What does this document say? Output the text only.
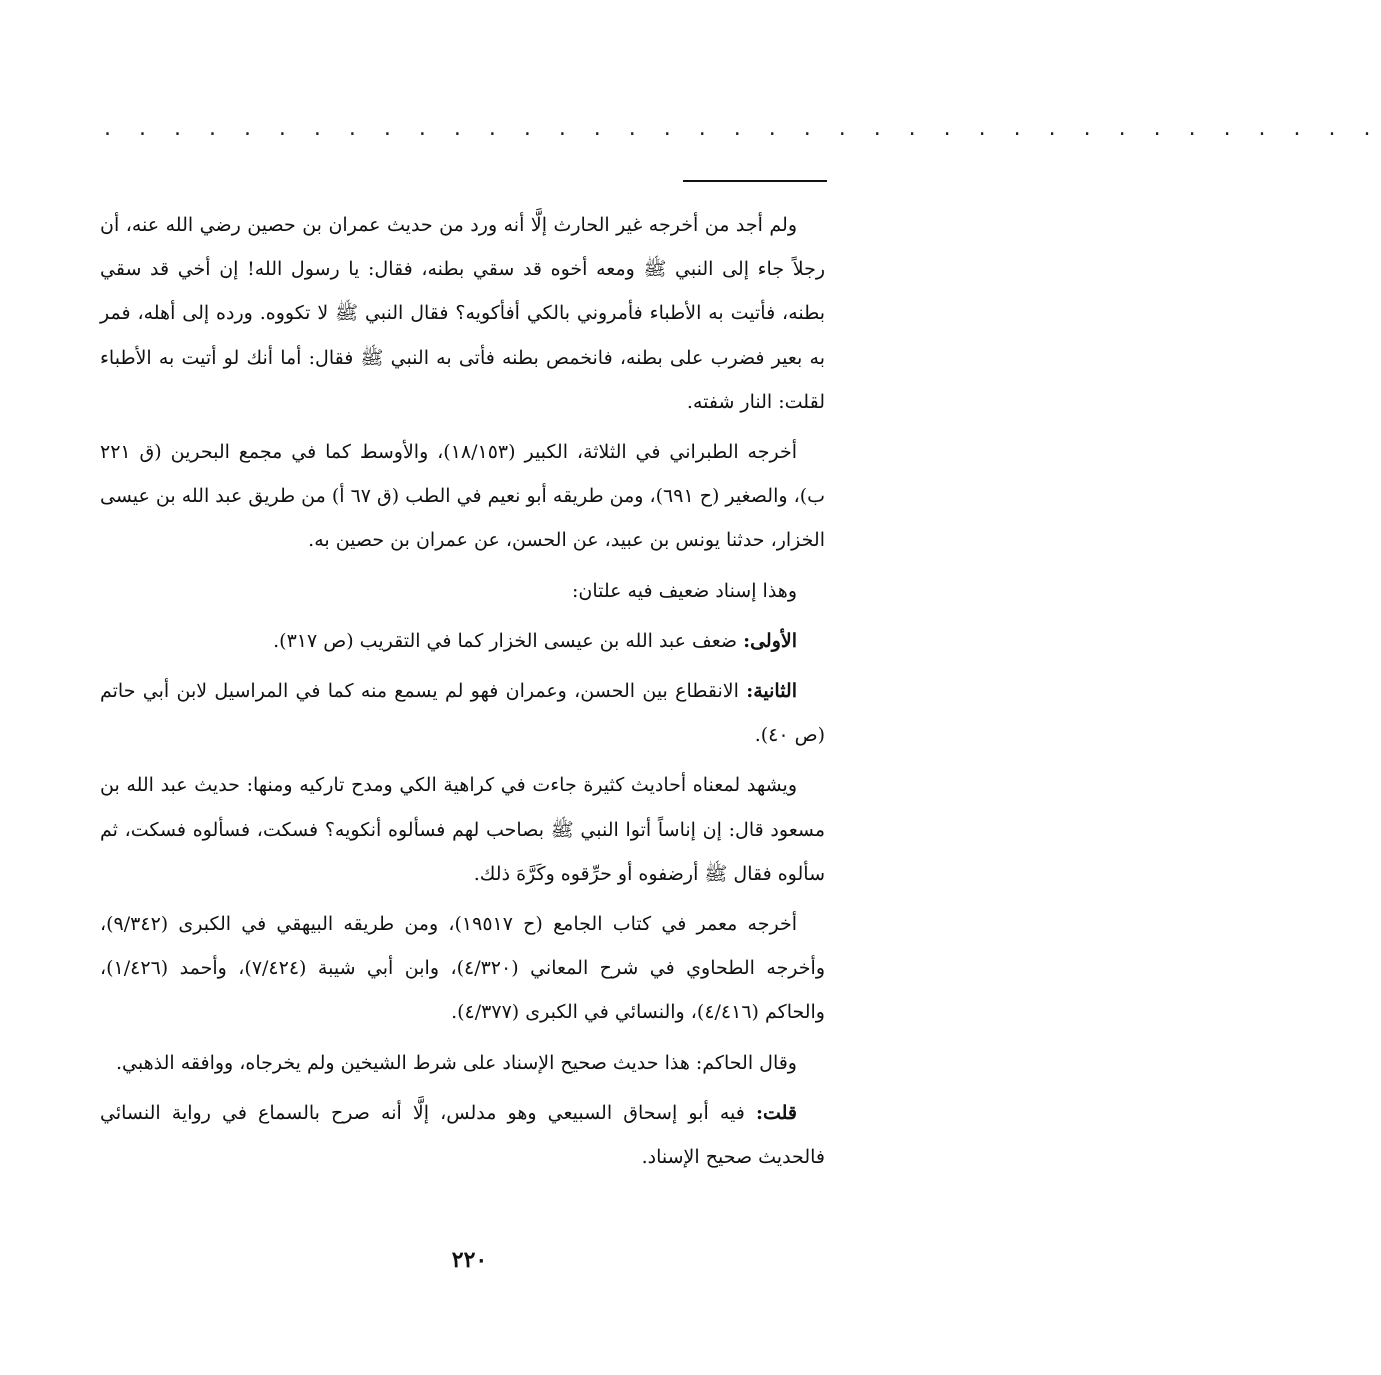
. . . . . . . . . . . . . . . . . . . . . . . . . . . . . . . . . . . . .

ولم أجد من أخرجه غير الحارث إلَّا أنه ورد من حديث عمران بن حصين رضي الله عنه، أن رجلاً جاء إلى النبي ﷺ ومعه أخوه قد سقي بطنه، فقال: يا رسول الله! إن أخي قد سقي بطنه، فأتيت به الأطباء فأمروني بالكي أفأكويه؟ فقال النبي ﷺ لا تكووه. ورده إلى أهله، فمر به بعير فضرب على بطنه، فانخمص بطنه فأتى به النبي ﷺ فقال: أما أنك لو أتيت به الأطباء لقلت: النار شفته.

أخرجه الطبراني في الثلاثة، الكبير (١٨/١٥٣)، والأوسط كما في مجمع البحرين (ق ٢٢١ ب)، والصغير (ح ٦٩١)، ومن طريقه أبو نعيم في الطب (ق ٦٧ أ) من طريق عبد الله بن عيسى الخزار، حدثنا يونس بن عبيد، عن الحسن، عن عمران بن حصين به.

وهذا إسناد ضعيف فيه علتان:

الأولى: ضعف عبد الله بن عيسى الخزار كما في التقريب (ص ٣١٧).

الثانية: الانقطاع بين الحسن، وعمران فهو لم يسمع منه كما في المراسيل لابن أبي حاتم (ص ٤٠).

ويشهد لمعناه أحاديث كثيرة جاءت في كراهية الكي ومدح تاركيه ومنها: حديث عبد الله بن مسعود قال: إن إناساً أتوا النبي ﷺ بصاحب لهم فسألوه أنكويه؟ فسكت، فسألوه فسكت، ثم سألوه فقال ﷺ أرضفوه أو حرِّقوه وكَرَّهَ ذلك.

أخرجه معمر في كتاب الجامع (ح ١٩٥١٧)، ومن طريقه البيهقي في الكبرى (٩/٣٤٢)، وأخرجه الطحاوي في شرح المعاني (٤/٣٢٠)، وابن أبي شيبة (٧/٤٢٤)، وأحمد (١/٤٢٦)، والحاكم (٤/٤١٦)، والنسائي في الكبرى (٤/٣٧٧).

وقال الحاكم: هذا حديث صحيح الإسناد على شرط الشيخين ولم يخرجاه، ووافقه الذهبي.

قلت: فيه أبو إسحاق السبيعي وهو مدلس، إلَّا أنه صرح بالسماع في رواية النسائي فالحديث صحيح الإسناد.

٢٢٠
